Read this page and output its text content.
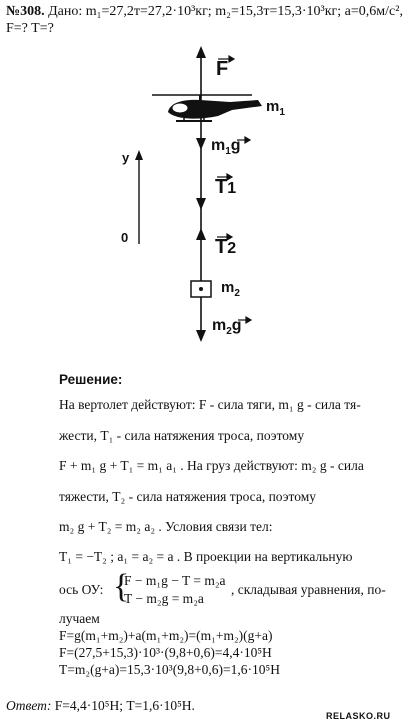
№308. Дано: m₁=27,2т=27,2·10³кг; m₂=15,3т=15,3·10³кг; a=0,6м/с²,
F=? T=?
F
$m_1$
$m_1g$
T1
T2
$m_2$
$m_2g$
y
0
Решение:
На вертолет действуют: F - сила тяги, m₁ g - сила тя-
жести, T₁ - сила натяжения троса, поэтому
F + m₁ g + T₁ = m₁ a₁ . На груз действуют: m₂ g - сила
тяжести, T₂ - сила натяжения троса, поэтому
m₂ g + T₂ = m₂ a₂ . Условия связи тел:
T₁ = −T₂ ; a₁ = a₂ = a . В проекции на вертикальную
ось ОУ: {
F − m₁g − T = m₂a
T − m₂g = m₂a
, складывая уравнения, по-
лучаем
F=g(m₁+m₂)+a(m₁+m₂)=(m₁+m₂)(g+a)
F=(27,5+15,3)·10³·(9,8+0,6)=4,4·10⁵Н
T=m₂(g+a)=15,3·10³(9,8+0,6)=1,6·10⁵Н
Ответ: F=4,4·10⁵Н; T=1,6·10⁵Н.
RELASKO.RU
